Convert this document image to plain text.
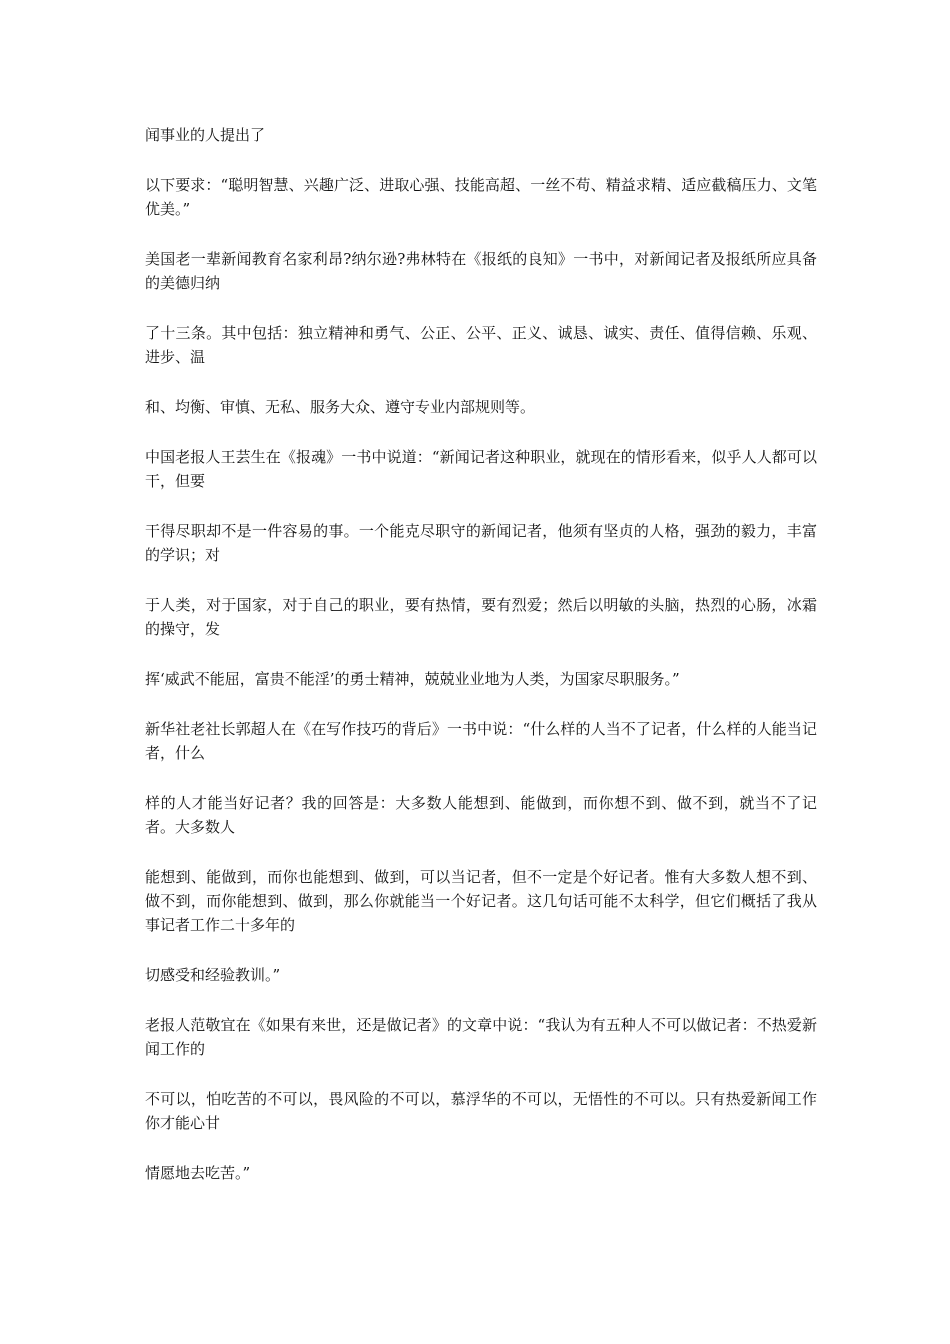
闻事业的人提出了

以下要求：“聪明智慧、兴趣广泛、进取心强、技能高超、一丝不苟、精益求精、适应截稿压力、文笔优美。”

美国老一辈新闻教育名家利昂?纳尔逊?弗林特在《报纸的良知》一书中，对新闻记者及报纸所应具备的美德归纳

了十三条。其中包括：独立精神和勇气、公正、公平、正义、诚恳、诚实、责任、值得信赖、乐观、进步、温

和、均衡、审慎、无私、服务大众、遵守专业内部规则等。

中国老报人王芸生在《报魂》一书中说道：“新闻记者这种职业，就现在的情形看来，似乎人人都可以干，但要

干得尽职却不是一件容易的事。一个能克尽职守的新闻记者，他须有坚贞的人格，强劲的毅力，丰富的学识；对

于人类，对于国家，对于自己的职业，要有热情，要有烈爱；然后以明敏的头脑，热烈的心肠，冰霜的操守，发

挥‘威武不能屈，富贵不能淫’的勇士精神，兢兢业业地为人类，为国家尽职服务。”

新华社老社长郭超人在《在写作技巧的背后》一书中说：“什么样的人当不了记者，什么样的人能当记者，什么

样的人才能当好记者？我的回答是：大多数人能想到、能做到，而你想不到、做不到，就当不了记者。大多数人

能想到、能做到，而你也能想到、做到，可以当记者，但不一定是个好记者。惟有大多数人想不到、做不到，而你能想到、做到，那么你就能当一个好记者。这几句话可能不太科学，但它们概括了我从事记者工作二十多年的

切感受和经验教训。”

老报人范敬宜在《如果有来世，还是做记者》的文章中说：“我认为有五种人不可以做记者：不热爱新闻工作的

不可以，怕吃苦的不可以，畏风险的不可以，慕浮华的不可以，无悟性的不可以。只有热爱新闻工作你才能心甘

情愿地去吃苦。”
